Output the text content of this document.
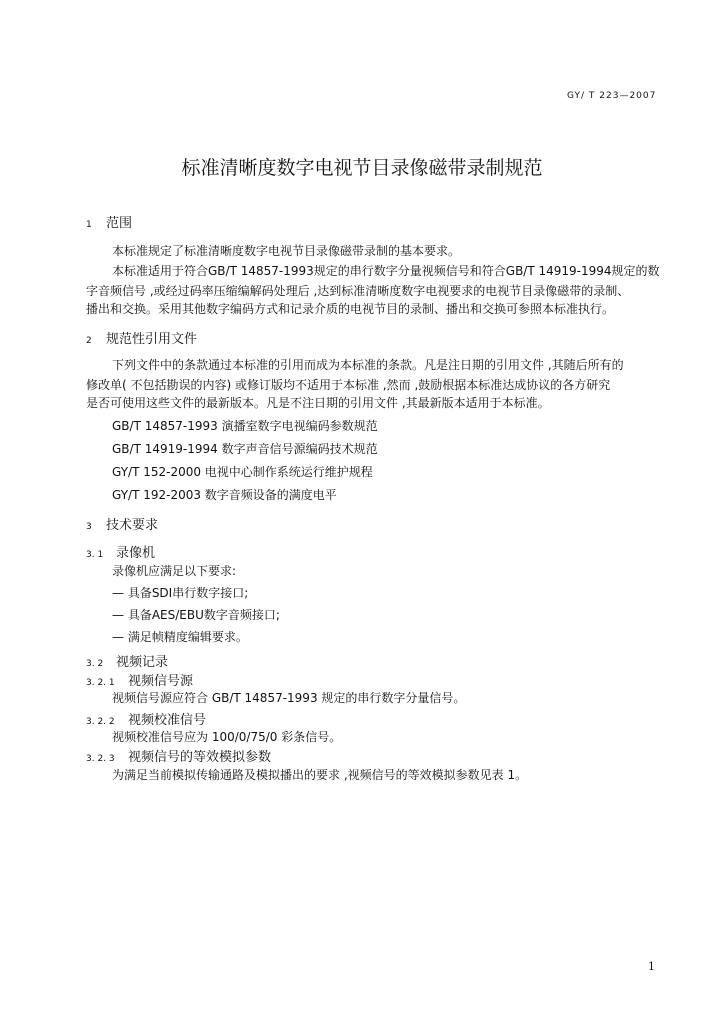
GY/ T 223—2007
标准清晰度数字电视节目录像磁带录制规范
1 范围
本标准规定了标准清晰度数字电视节目录像磁带录制的基本要求。
本标准适用于符合GB/T 14857-1993规定的串行数字分量视频信号和符合GB/T 14919-1994规定的数
字音频信号 ,或经过码率压缩编解码处理后 ,达到标准清晰度数字电视要求的电视节目录像磁带的录制、
播出和交换。采用其他数字编码方式和记录介质的电视节目的录制、播出和交换可参照本标准执行。
2 规范性引用文件
下列文件中的条款通过本标准的引用而成为本标准的条款。凡是注日期的引用文件 ,其随后所有的
修改单( 不包括勘误的内容) 或修订版均不适用于本标准 ,然而 ,鼓励根据本标准达成协议的各方研究
是否可使用这些文件的最新版本。凡是不注日期的引用文件 ,其最新版本适用于本标准。
GB/T 14857-1993 演播室数字电视编码参数规范
GB/T 14919-1994 数字声音信号源编码技术规范
GY/T 152-2000 电视中心制作系统运行维护规程
GY/T 192-2003 数字音频设备的满度电平
3 技术要求
3. 1 录像机
录像机应满足以下要求:
— 具备SDI串行数字接口;
— 具备AES/EBU数字音频接口;
— 满足帧精度编辑要求。
3. 2 视频记录
3. 2. 1 视频信号源
视频信号源应符合 GB/T 14857-1993 规定的串行数字分量信号。
3. 2. 2 视频校准信号
视频校准信号应为 100/0/75/0 彩条信号。
3. 2. 3 视频信号的等效模拟参数
为满足当前模拟传输通路及模拟播出的要求 ,视频信号的等效模拟参数见表 1。
1
